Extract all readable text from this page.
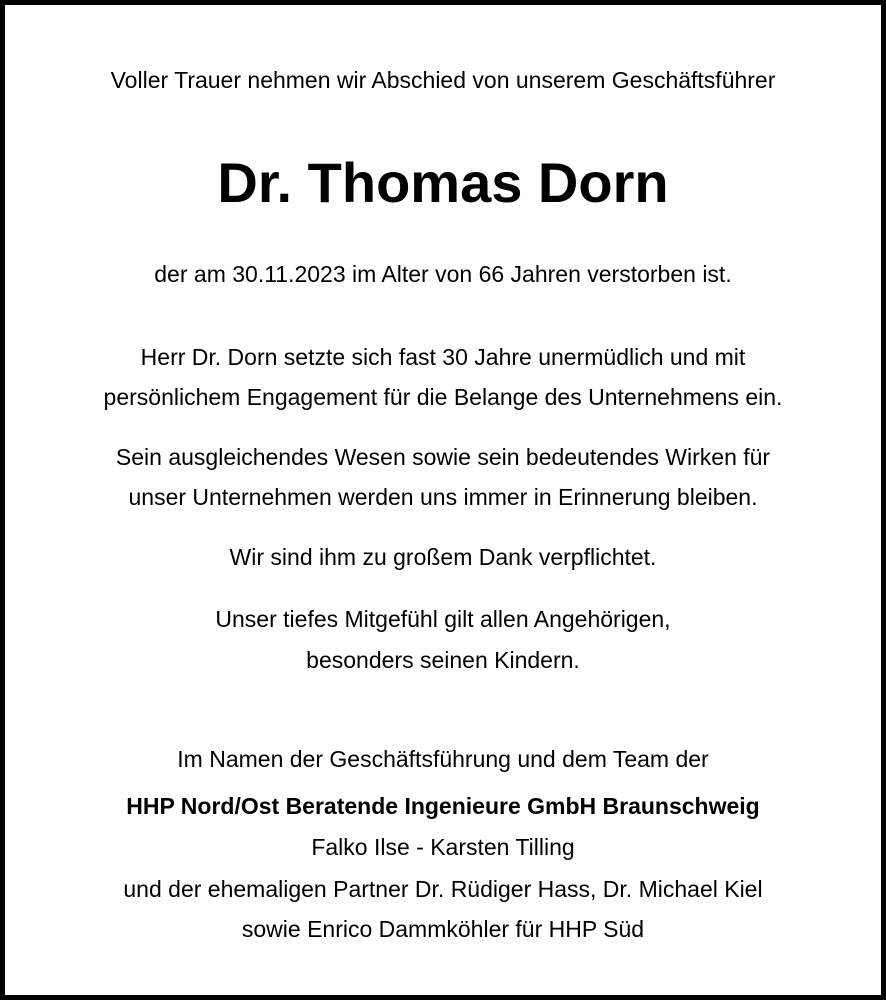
Voller Trauer nehmen wir Abschied von unserem Geschäftsführer
Dr. Thomas Dorn
der am 30.11.2023 im Alter von 66 Jahren verstorben ist.
Herr Dr. Dorn setzte sich fast 30 Jahre unermüdlich und mit
persönlichem Engagement für die Belange des Unternehmens ein.
Sein ausgleichendes Wesen sowie sein bedeutendes Wirken für
unser Unternehmen werden uns immer in Erinnerung bleiben.
Wir sind ihm zu großem Dank verpflichtet.
Unser tiefes Mitgefühl gilt allen Angehörigen,
besonders seinen Kindern.
Im Namen der Geschäftsführung und dem Team der
HHP Nord/Ost Beratende Ingenieure GmbH Braunschweig
Falko Ilse - Karsten Tilling
und der ehemaligen Partner Dr. Rüdiger Hass, Dr. Michael Kiel
sowie Enrico Dammköhler für HHP Süd
